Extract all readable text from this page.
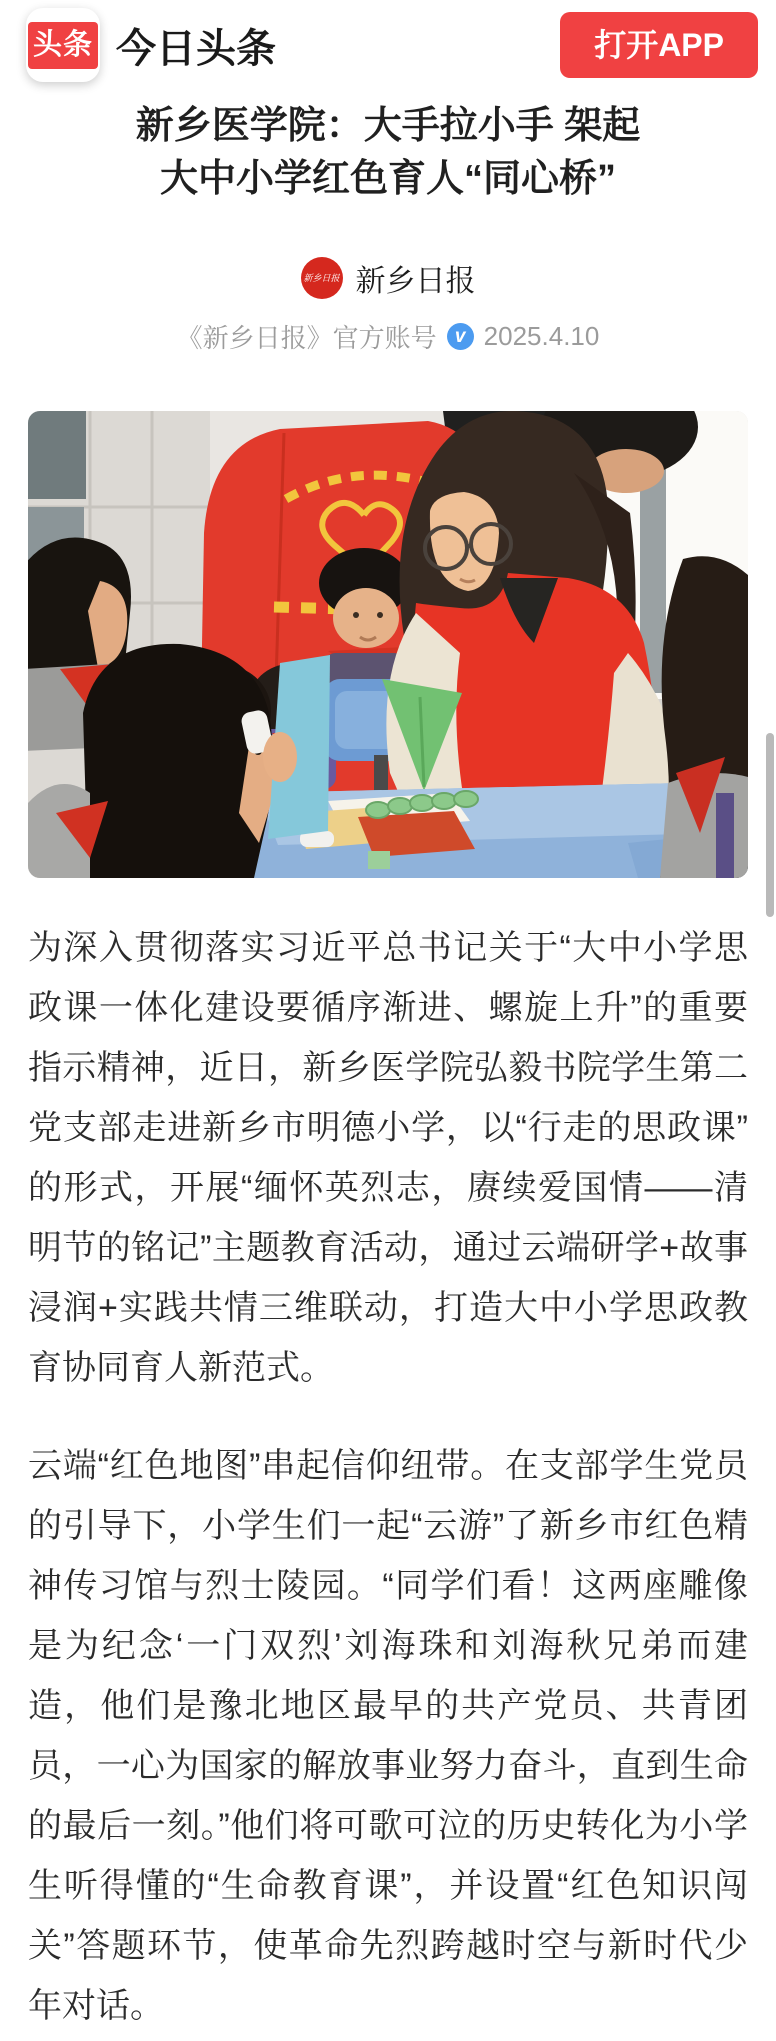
头条 今日头条	打开APP
新乡医学院：大手拉小手 架起
大中小学红色育人“同心桥”
新乡日报 新乡日报
《新乡日报》官方账号 v 2025.4.10

为深入贯彻落实习近平总书记关于“大中小学思政课一体化建设要循序渐进、螺旋上升”的重要指示精神，近日，新乡医学院弘毅书院学生第二党支部走进新乡市明德小学，以“行走的思政课”的形式，开展“缅怀英烈志，赓续爱国情——清明节的铭记”主题教育活动，通过云端研学+故事浸润+实践共情三维联动，打造大中小学思政教育协同育人新范式。

云端“红色地图”串起信仰纽带。在支部学生党员的引导下，小学生们一起“云游”了新乡市红色精神传习馆与烈士陵园。“同学们看！这两座雕像是为纪念‘一门双烈’刘海珠和刘海秋兄弟而建造，他们是豫北地区最早的共产党员、共青团员，一心为国家的解放事业努力奋斗，直到生命的最后一刻。”他们将可歌可泣的历史转化为小学生听得懂的“生命教育课”，并设置“红色知识闯关”答题环节，使革命先烈跨越时空与新时代少年对话。
